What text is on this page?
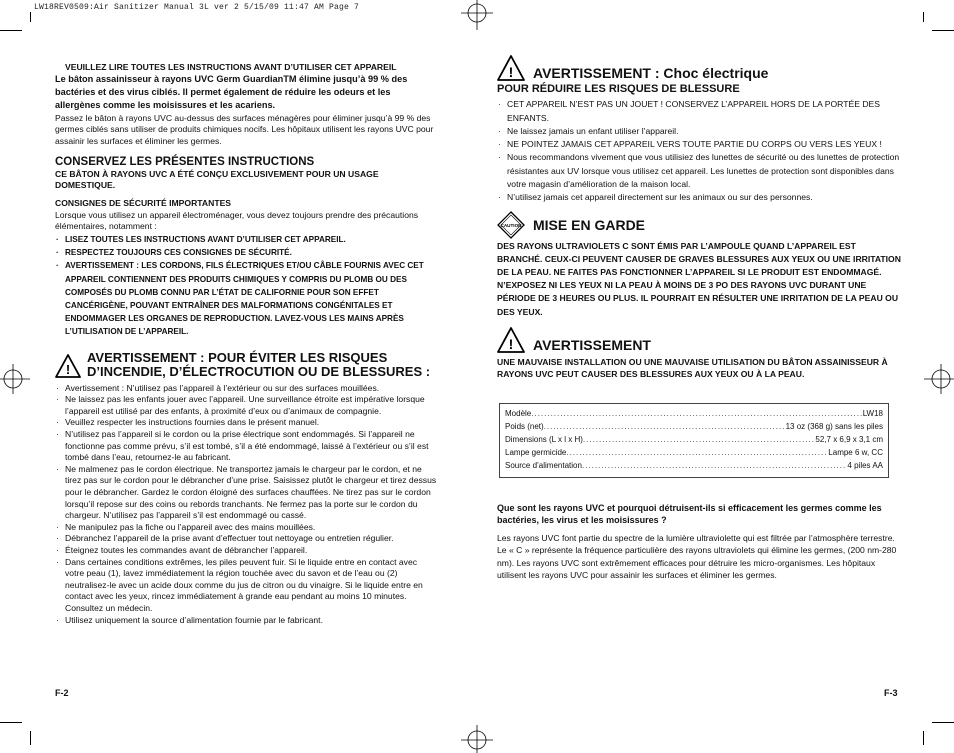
LW18REV0509:Air Sanitizer Manual 3L ver 2 5/15/09 11:47 AM Page 7

VEUILLEZ LIRE TOUTES LES INSTRUCTIONS AVANT D’UTILISER CET APPAREIL

Le bâton assainisseur à rayons UVC Germ GuardianTM élimine jusqu’à 99 % des bactéries et des virus ciblés. Il permet également de réduire les odeurs et les allergènes comme les moisissures et les acariens.

Passez le bâton à rayons UVC au-dessus des surfaces ménagères pour éliminer jusqu’à 99 % des germes ciblés sans utiliser de produits chimiques nocifs. Les hôpitaux utilisent les rayons UVC pour assainir les surfaces et éliminer les germes.

CONSERVEZ LES PRÉSENTES INSTRUCTIONS

CE BÂTON À RAYONS UVC A ÉTÉ CONÇU EXCLUSIVEMENT POUR UN USAGE DOMESTIQUE.

CONSIGNES DE SÉCURITÉ IMPORTANTES

Lorsque vous utilisez un appareil électroménager, vous devez toujours prendre des précautions élémentaires, notamment :

· LISEZ TOUTES LES INSTRUCTIONS AVANT D’UTILISER CET APPAREIL.
· RESPECTEZ TOUJOURS CES CONSIGNES DE SÉCURITÉ.
· AVERTISSEMENT : LES CORDONS, FILS ÉLECTRIQUES ET/OU CÂBLE FOURNIS AVEC CET APPAREIL CONTIENNENT DES PRODUITS CHIMIQUES Y COMPRIS DU PLOMB OU DES COMPOSÉS DU PLOMB CONNU PAR L’ÉTAT DE CALIFORNIE POUR SON EFFET CANCÉRIGÈNE, POUVANT ENTRAÎNER DES MALFORMATIONS CONGÉNITALES ET ENDOMMAGER LES ORGANES DE REPRODUCTION. LAVEZ-VOUS LES MAINS APRÈS L’UTILISATION DE L’APPAREIL.
!
AVERTISSEMENT : POUR ÉVITER LES RISQUES D’INCENDIE, D’ÉLECTROCUTION OU DE BLESSURES :
· Avertissement : N’utilisez pas l’appareil à l’extérieur ou sur des surfaces mouillées.
· Ne laissez pas les enfants jouer avec l’appareil. Une surveillance étroite est impérative lorsque l’appareil est utilisé par des enfants, à proximité d’eux ou d’animaux de compagnie.
· Veuillez respecter les instructions fournies dans le présent manuel.
· N’utilisez pas l’appareil si le cordon ou la prise électrique sont endommagés. Si l’appareil ne fonctionne pas comme prévu, s’il est tombé, s’il a été endommagé, laissé à l’extérieur ou s’il est tombé dans l’eau, retournez-le au fabricant.
· Ne malmenez pas le cordon électrique. Ne transportez jamais le chargeur par le cordon, et ne tirez pas sur le cordon pour le débrancher d’une prise. Saisissez plutôt le chargeur et tirez dessus pour le débrancher. Gardez le cordon éloigné des surfaces chauffées. Ne tirez pas sur le cordon lorsqu’il repose sur des coins ou rebords tranchants. Ne fermez pas la porte sur le cordon du chargeur. N’utilisez pas l’appareil s’il est endommagé ou cassé.
· Ne manipulez pas la fiche ou l’appareil avec des mains mouillées.
· Débranchez l’appareil de la prise avant d’effectuer tout nettoyage ou entretien régulier.
· Éteignez toutes les commandes avant de débrancher l’appareil.
· Dans certaines conditions extrêmes, les piles peuvent fuir. Si le liquide entre en contact avec votre peau (1), lavez immédiatement la région touchée avec du savon et de l’eau ou (2) neutralisez-le avec un acide doux comme du jus de citron ou du vinaigre. Si le liquide entre en contact avec les yeux, rincez immédiatement à grande eau pendant au moins 10 minutes. Consultez un médecin.
· Utilisez uniquement la source d’alimentation fournie par le fabricant.
F-2
! AVERTISSEMENT : Choc électrique
POUR RÉDUIRE LES RISQUES DE BLESSURE
· CET APPAREIL N’EST PAS UN JOUET ! CONSERVEZ L’APPAREIL HORS DE LA PORTÉE DES ENFANTS.
· Ne laissez jamais un enfant utiliser l’appareil.
· NE POINTEZ JAMAIS CET APPAREIL VERS TOUTE PARTIE DU CORPS OU VERS LES YEUX !
· Nous recommandons vivement que vous utilisiez des lunettes de sécurité ou des lunettes de protection résistantes aux UV lorsque vous utilisez cet appareil. Les lunettes de protection sont disponibles dans votre magasin d’amélioration de la maison local.
· N’utilisez jamais cet appareil directement sur les animaux ou sur des personnes.
CAUTION MISE EN GARDE

DES RAYONS ULTRAVIOLETS C SONT ÉMIS PAR L’AMPOULE QUAND L’APPAREIL EST BRANCHÉ. CEUX-CI PEUVENT CAUSER DE GRAVES BLESSURES AUX YEUX OU UNE IRRITATION DE LA PEAU. NE FAITES PAS FONCTIONNER L’APPAREIL SI LE PRODUIT EST ENDOMMAGÉ. N’EXPOSEZ NI LES YEUX NI LA PEAU À MOINS DE 3 PO DES RAYONS UVC DURANT UNE PÉRIODE DE 3 HEURES OU PLUS. IL POURRAIT EN RÉSULTER UNE IRRITATION DE LA PEAU OU DES YEUX.

! AVERTISSEMENT

UNE MAUVAISE INSTALLATION OU UNE MAUVAISE UTILISATION DU BÂTON ASSAINISSEUR À RAYONS UVC PEUT CAUSER DES BLESSURES AUX YEUX OU À LA PEAU.

Modèle .....	LW18
Poids (net) .....	13 oz (368 g) sans les piles
Dimensions (L x l x H) .....	52,7 x 6,9 x 3,1 cm
Lampe germicide .....	Lampe 6 w, CC
Source d’alimentation .....	4 piles AA

Que sont les rayons UVC et pourquoi détruisent-ils si efficacement les germes comme les bactéries, les virus et les moisissures ?

Les rayons UVC font partie du spectre de la lumière ultraviolette qui est filtrée par l’atmosphère terrestre. Le « C » représente la fréquence particulière des rayons ultraviolets qui élimine les germes, (200 nm-280 nm). Les rayons UVC sont extrêmement efficaces pour détruire les micro-organismes. Les hôpitaux utilisent les rayons UVC pour assainir les surfaces et éliminer les germes.

F-3
